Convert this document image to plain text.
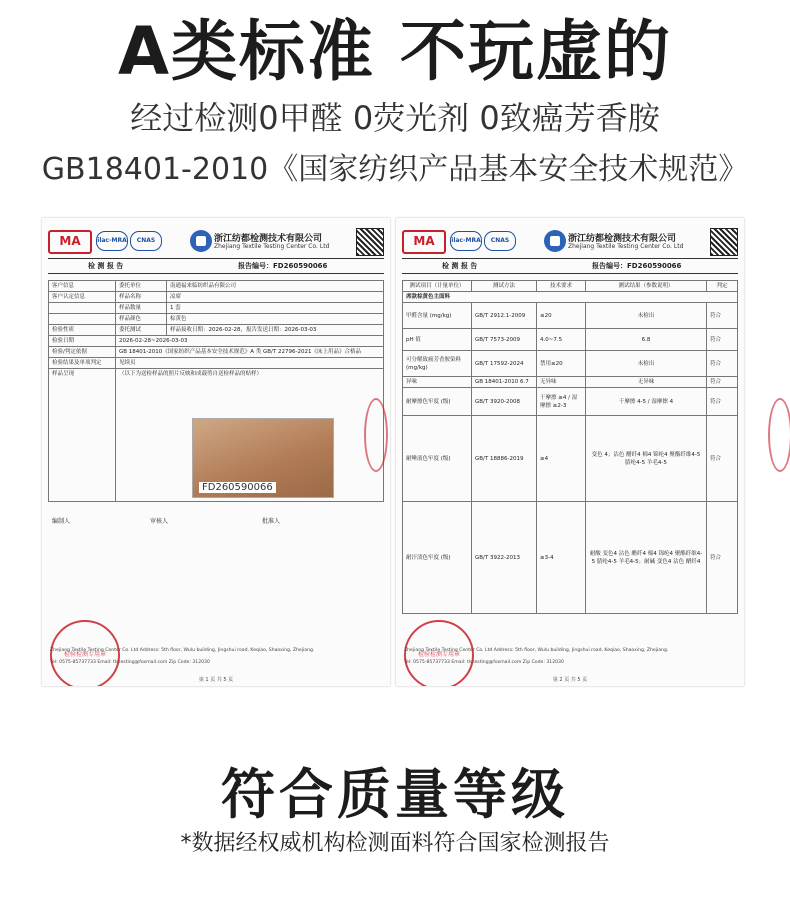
A类标准 不玩虚的
经过检测0甲醛 0荧光剂 0致癌芳香胺
GB18401-2010《国家纺织产品基本安全技术规范》
MA	ilac-MRA	CNAS	浙江纺都检测技术有限公司
Zhejiang Textile Testing Center Co. Ltd
检 测 报 告	报告编号：FD260590066
客户信息	委托单位	南通福来临纺织品有限公司
客户认定信息	样品名称	凉席
	样品数量	1 套
	样品颜色	棕黄色
检验性质	委托测试	样品接收日期：2026-02-28，报告发送日期：2026-03-03
检验日期	2026-02-28~2026-03-03	
检验/判定依据	GB 18401-2010《国家纺织产品基本安全技术规范》A 类 GB/T 22796-2021《床上用品》合格品	
检验结果及单项判定	见续页	
样品呈现	（以下为送检样品的照片反映和成载剪自送检样品的贴样）	
FD260590066
编制人	审核人	批准人
检验检测专用章
Zhejiang Textile Testing Center Co. Ltd Address: 5th floor, Wulu building, Jingshui road, Keqiao, Shaoxing, Zhejiang.
Tel: 0575-85737733 Email: tlctesting@foxmail.com Zip Code: 312030
第 1 页 共 5 页
MA	ilac-MRA	CNAS	浙江纺都检测技术有限公司
Zhejiang Textile Testing Center Co. Ltd
检 测 报 告	报告编号：FD260590066
测试项目（计量单位）	测试方法	技术要求	测试结果（参数说明）	判定
席款棕黄色主面料				
甲醛含量 (mg/kg)	GB/T 2912.1-2009	≤20	未检出	符合
pH 值	GB/T 7573-2009	4.0~7.5	6.8	符合
可分解致癌芳香胺染料 (mg/kg)	GB/T 17592-2024	禁用≤20	未检出	符合
异味	GB 18401-2010 6.7	无异味	无异味	符合
耐摩擦色牢度 (级)	GB/T 3920-2008	干摩擦 ≥4 / 湿摩擦 ≥2-3	干摩擦 4-5 / 湿摩擦 4	符合
耐唾液色牢度 (级)	GB/T 18886-2019	≥4	变色 4；沾色 醋纤4 棉4 锦纶4 聚酯纤维4-5 腈纶4-5 羊毛4-5	符合
耐汗渍色牢度 (级)	GB/T 3922-2013	≥3-4	耐酸 变色4 沾色 醋纤4 棉4 锦纶4 聚酯纤维4-5 腈纶4-5 羊毛4-5；耐碱 变色4 沾色 醋纤4	符合
检验检测专用章
Zhejiang Textile Testing Center Co. Ltd Address: 5th floor, Wulu building, Jingshui road, Keqiao, Shaoxing, Zhejiang.
Tel: 0575-85737733 Email: tlctesting@foxmail.com Zip Code: 312030
第 2 页 共 5 页
符合质量等级
*数据经权威机构检测面料符合国家检测报告
